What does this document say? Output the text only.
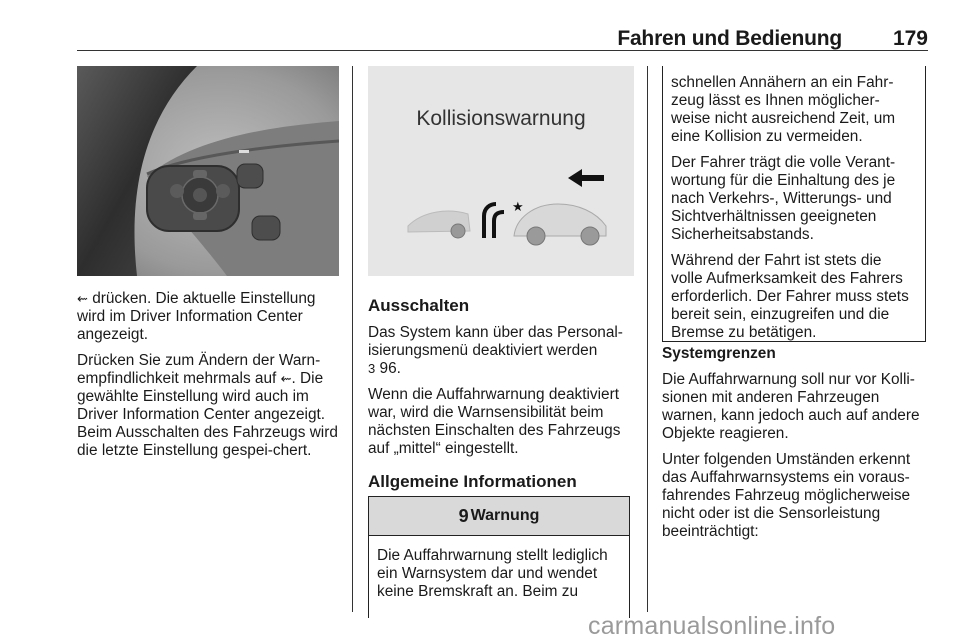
Fahren und Bedienung 179
Kollisionswarnung
★

⇜ drücken. Die aktuelle Einstellung wird im Driver Information Center angezeigt.

Drücken Sie zum Ändern der Warn-empfindlichkeit mehrmals auf ⇜. Die gewählte Einstellung wird auch im Driver Information Center angezeigt. Beim Ausschalten des Fahrzeugs wird die letzte Einstellung gespei-chert.

Ausschalten

Das System kann über das Personal-isierungsmenü deaktiviert werden
3 96.

Wenn die Auffahrwarnung deaktiviert war, wird die Warnsensibilität beim nächsten Einschalten des Fahrzeugs auf „mittel“ eingestellt.

Allgemeine Informationen
9 Warnung
Die Auffahrwarnung stellt lediglich ein Warnsystem dar und wendet keine Bremskraft an. Beim zu

schnellen Annähern an ein Fahr-zeug lässt es Ihnen möglicher-weise nicht ausreichend Zeit, um eine Kollision zu vermeiden.

Der Fahrer trägt die volle Verant-wortung für die Einhaltung des je nach Verkehrs-, Witterungs- und Sichtverhältnissen geeigneten Sicherheitsabstands.

Während der Fahrt ist stets die volle Aufmerksamkeit des Fahrers erforderlich. Der Fahrer muss stets bereit sein, einzugreifen und die Bremse zu betätigen.

Systemgrenzen

Die Auffahrwarnung soll nur vor Kolli-sionen mit anderen Fahrzeugen warnen, kann jedoch auch auf andere Objekte reagieren.

Unter folgenden Umständen erkennt das Auffahrwarnsystems ein voraus-fahrendes Fahrzeug möglicherweise nicht oder ist die Sensorleistung beeinträchtigt:

carmanualsonline.info
